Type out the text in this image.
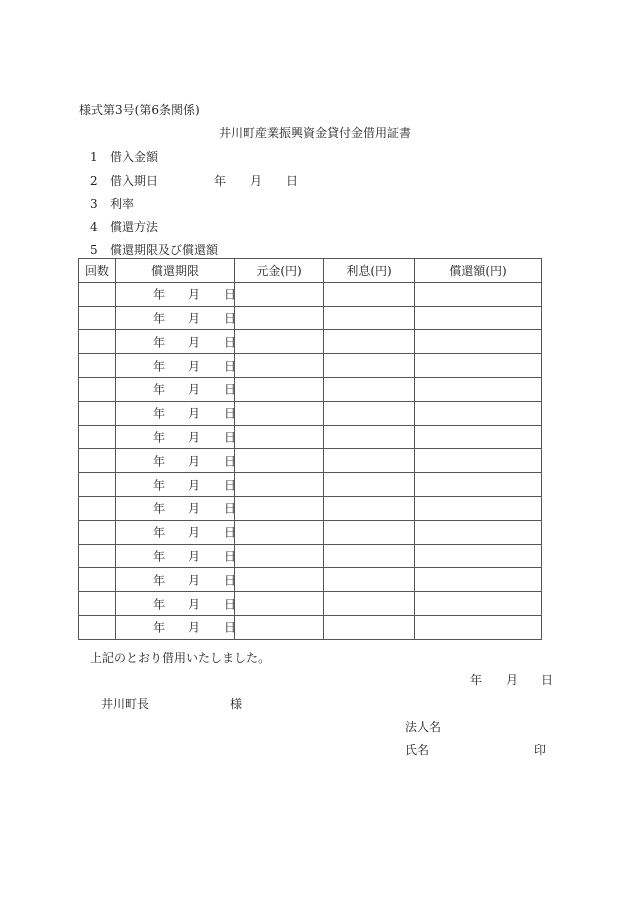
様式第3号(第6条関係)
井川町産業振興資金貸付金借用証書
1 借入金額
2 借入期日	年 月 日
3 利率
4 償還方法
5 償還期限及び償還額
回数	償還期限	元金(円)	利息(円)	償還額(円)

	年 月 日			

	年 月 日			

	年 月 日			

	年 月 日			

	年 月 日			

	年 月 日			

	年 月 日			

	年 月 日			

	年 月 日			

	年 月 日			

	年 月 日			

	年 月 日			

	年 月 日			

	年 月 日			

	年 月 日			

上記のとおり借用いたしました。
年 月 日
井川町長	様
法人名
氏名	印
